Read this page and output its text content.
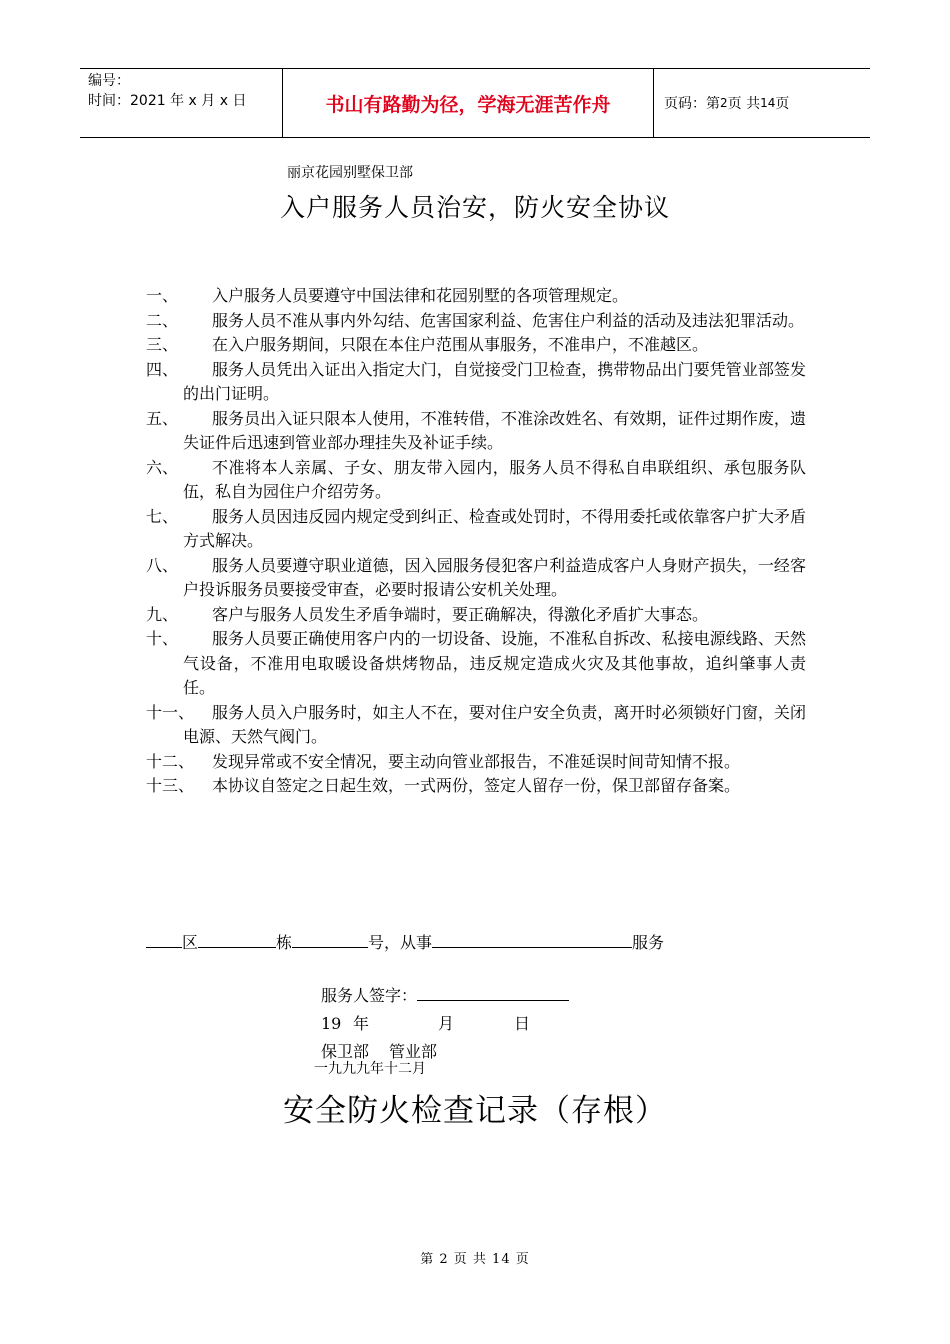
编号：
时间：2021 年 x 月 x 日	书山有路勤为径，学海无涯苦作舟	页码：第 2 页 共 14 页
丽京花园别墅保卫部
入户服务人员治安，防火安全协议
一、	入户服务人员要遵守中国法律和花园别墅的各项管理规定。
二、	服务人员不准从事内外勾结、危害国家利益、危害住户利益的活动及违法犯罪活动。
三、	在入户服务期间，只限在本住户范围从事服务，不准串户，不准越区。
四、	服务人员凭出入证出入指定大门，自觉接受门卫检查，携带物品出门要凭管业部签发的出门证明。
五、	服务员出入证只限本人使用，不准转借，不准涂改姓名、有效期，证件过期作废，遗失证件后迅速到管业部办理挂失及补证手续。
六、	不准将本人亲属、子女、朋友带入园内，服务人员不得私自串联组织、承包服务队伍，私自为园住户介绍劳务。
七、	服务人员因违反园内规定受到纠正、检查或处罚时，不得用委托或依靠客户扩大矛盾方式解决。
八、	服务人员要遵守职业道德，因入园服务侵犯客户利益造成客户人身财产损失，一经客户投诉服务员要接受审查，必要时报请公安机关处理。
九、	客户与服务人员发生矛盾争端时，要正确解决，得激化矛盾扩大事态。
十、	服务人员要正确使用客户内的一切设备、设施，不准私自拆改、私接电源线路、天然气设备，不准用电取暖设备烘烤物品，违反规定造成火灾及其他事故，追纠肇事人责任。
十一、	服务人员入户服务时，如主人不在，要对住户安全负责，离开时必须锁好门窗，关闭电源、天然气阀门。
十二、	发现异常或不安全情况，要主动向管业部报告，不准延误时间苛知情不报。
十三、	本协议自签定之日起生效，一式两份，签定人留存一份，保卫部留存备案。
区	栋	号，从事	服务
服务人签字：
19 年	月	日
保卫部 管业部
一九九九年十二月
安全防火检查记录（存根）
第 2 页 共 14 页
